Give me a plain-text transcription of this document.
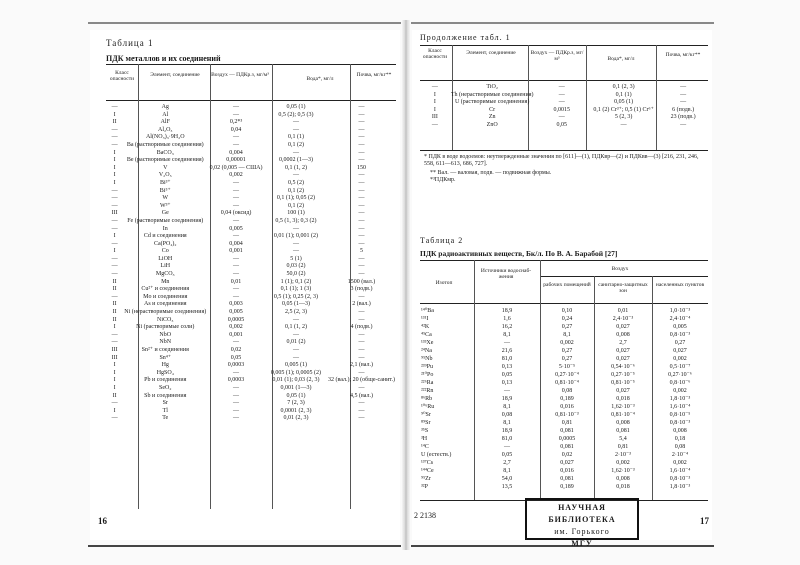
Таблица 1
ПДК металлов и их соединений
Класс опасности
Элемент, соединение	Воздух — ПДКр.з, мг/м³
Вода*, мг/л
Почва, мг/кг**
—	Ag	—	0,05 (1)	—
I	Al	—	0,5 (2); 0,5 (3)	—
II	AlF	0,2*³	—	—
—	Al₂O₃	0,04	—	—
—	Al(NO₃)₃·9H₂O	—	0,1 (1)	—
—	Ba (растворимые соединения)	—	0,1 (2)	—
I	BaCO₃	0,004	—	—
I	Be (растворимые соединения)	0,00001	0,0002 (1—3)	—
I	V	0,02 (0,005 — США)	0,1 (1, 2)	150
I	V₂O₅	0,002	—	—
I	Bi³⁺	—	0,5 (2)	—
—	Bi⁵⁺	—	0,1 (2)	—
—	W	—	0,1 (1); 0,05 (2)	—
—	W³⁺	—	0,1 (2)	—
III	Ge	0,04 (оксид)	100 (1)	—
—	Fe (растворимые соединения)	—	0,5 (1, 3); 0,3 (2)	—
—	In	0,005	—	—
I	Cd и соединения	—	0,01 (1); 0,001 (2)	—
—	Ca(PO₄)₂	0,004	—	—
I	Co	0,001	—	5
—	LiOH	—	5 (1)	—
—	LiH	—	0,03 (2)	—
—	MgCO₃	—	50,0 (2)	—
II	Mn	0,01	1 (1); 0,1 (2)	1500 (вал.)
II	Cu²⁺ и соединения	—	0,1 (1); 1 (3)	3 (подв.)
—	Mo и соединения	—	0,5 (1); 0,25 (2, 3)	—
II	As и соединения	0,003	0,05 (1—3)	2 (вал.)
II	Ni (нерастворимые соединения)	0,005	2,5 (2, 3)	—
II	NiCO₃	0,0005	—	—
I	Ni (растворимые соли)	0,002	0,1 (1, 2)	4 (подв.)
—	NbO	0,001	—	—
—	NbN	—	0,01 (2)	—
III	Sn²⁺ и соединения	0,02	—	—
III	Sn⁴⁺	0,05	—	—
I	Hg	0,0003	0,005 (1)	2,1 (вал.)
I	HgSO₄	—	0,005 (1); 0,0005 (2)	—
I	Pb и соединения	0,0003	0,01 (1); 0,03 (2, 3)	32 (вал.); 20 (обще-санит.)
I	SeO₂	—	0,001 (1—3)	—
II	Sb и соединения	—	0,05 (1)	4,5 (вал.)
—	Sr	—	7 (2, 3)	—
I	Tl	—	0,0001 (2, 3)	—
—	Te	—	0,01 (2, 3)	—
16
Продолжение табл. 1
Класс опасности
Элемент, соединение	Воздух — ПДКр.з, мг/м³	Вода*, мг/л
Почва, мг/кг**
—	TiO₂	—	0,1 (2, 3)	—
I	Th (нерастворимые соединения)	—	0,1 (1)	—
I	U (растворимые соединения)	—	0,05 (1)	—
I	Cr	0,0015	0,1 (2) Cr³⁺; 0,5 (1) Cr⁶⁺	6 (подв.)
III	Zn	—	5 (2, 3)	23 (подв.)
—	ZnO	0,05	—	—
* ПДК в воде водоемов: неутвержденные значения по [611]—(1), ПДКвр—(2) и ПДКвв—(3) [216, 231, 246, 558, 611—613, 686, 727].
** Вал. — валовая, подв. — подвижная формы.
*³ПДКмр.
Таблица 2
ПДК радиоактивных веществ, Бк/л. По В. А. Барабой [27]
Изотоп
Источники водоснаб-жения
Воздух
рабочих помещений	санитарно-защитных зон
населенных пунктов
¹⁴⁰Ba	18,9	0,10	0,01	1,0·10⁻³
¹³¹I	1,6	0,24	2,4·10⁻³	2,4·10⁻⁴
⁴²K	16,2	0,27	0,027	0,005
⁴⁵Ca	8,1	8,1	0,008	0,8·10⁻³
¹³³Xe	—	0,002	2,7	0,27
²⁴Na	21,6	0,27	0,027	0,027
⁹⁵Nb	81,0	0,27	0,027	0,002
²³⁹Pu	0,13	5·10⁻⁵	0,54·10⁻⁶	0,5·10⁻⁷
²¹⁰Po	0,05	0,27·10⁻⁴	0,27·10⁻⁵	0,27·10⁻⁶
²²⁶Ra	0,13	0,81·10⁻⁴	0,81·10⁻⁵	0,8·10⁻⁶
²²²Rn	—	0,08	0,027	0,002
⁸⁶Rb	18,9	0,189	0,018	1,8·10⁻³
¹⁰⁶Ru	8,1	0,016	1,62·10⁻³	1,6·10⁻⁴
⁹⁰Sr	0,08	0,81·10⁻³	0,81·10⁻⁴	0,8·10⁻⁵
⁸⁹Sr	8,1	0,81	0,008	0,8·10⁻³
³⁵S	18,9	0,081	0,081	0,008
³H	81,0	0,0005	5,4	0,18
¹⁴C	—	0,081	0,81	0,08
U (естеств.)	0,05	0,02	2·10⁻³	2·10⁻⁴
¹³⁷Cs	2,7	0,027	0,002	0,002
¹⁴⁴Ce	8,1	0,016	1,62·10⁻³	1,6·10⁻⁴
⁹⁵Zr	54,0	0,081	0,008	0,8·10⁻³
³²P	13,5	0,189	0,018	1,8·10⁻³
2 2138
НАУЧНАЯ БИБЛИОТЕКА
им. Горького
МГУ
17
